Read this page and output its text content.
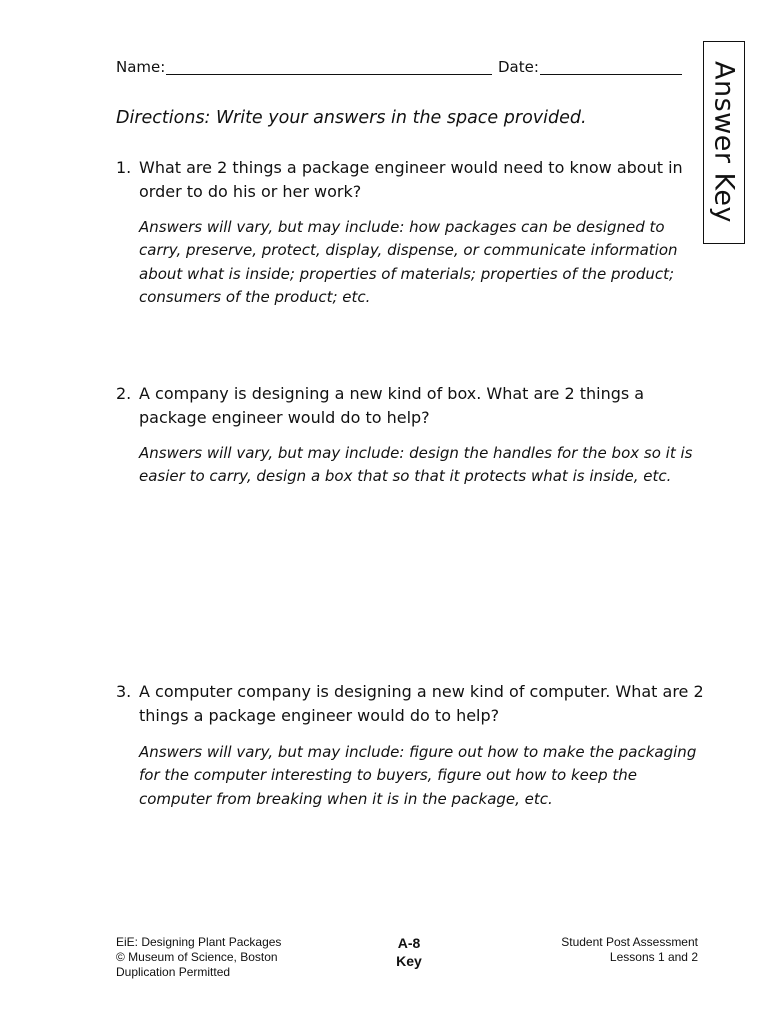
Name:	Date:	Answer Key
Directions: Write your answers in the space provided.
1. What are 2 things a package engineer would need to know about in order to do his or her work?
Answers will vary, but may include: how packages can be designed to carry, preserve, protect, display, dispense, or communicate information about what is inside; properties of materials; properties of the product; consumers of the product; etc.
2. A company is designing a new kind of box. What are 2 things a package engineer would do to help?
Answers will vary, but may include: design the handles for the box so it is easier to carry, design a box that so that it protects what is inside, etc.
3. A computer company is designing a new kind of computer. What are 2 things a package engineer would do to help?
Answers will vary, but may include: figure out how to make the packaging for the computer interesting to buyers, figure out how to keep the computer from breaking when it is in the package, etc.
EiE: Designing Plant Packages
© Museum of Science, Boston
Duplication Permitted
A-8
Key
Student Post Assessment
Lessons 1 and 2
